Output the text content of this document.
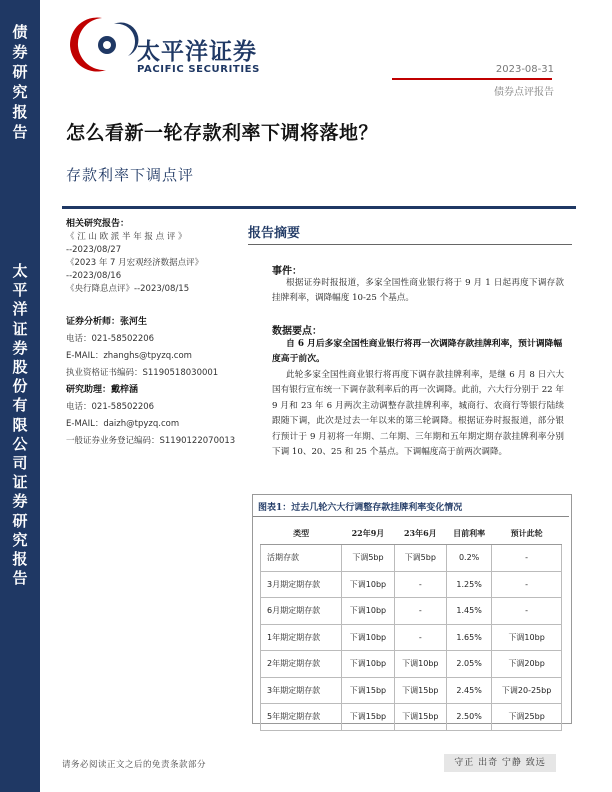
债
券
研
究
报
告
太
平
洋
证
券
股
份
有
限
公
司
证
券
研
究
报
告
太平洋证券
PACIFIC SECURITIES	2023-08-31
债券点评报告
怎么看新一轮存款利率下调将落地？
存款利率下调点评
相关研究报告：
《 江 山 欧 派 半 年 报 点 评 》
--2023/08/27
《2023 年 7 月宏观经济数据点评》
--2023/08/16
《央行降息点评》--2023/08/15
证券分析师：张河生
电话：021-58502206
E-MAIL：zhanghs@tpyzq.com
执业资格证书编码：S1190518030001
研究助理：戴梓涵
电话：021-58502206
E-MAIL：daizh@tpyzq.com
一般证券业务登记编码：S1190122070013
报告摘要
事件：
根据证券时报报道，多家全国性商业银行将于 9 月 1 日起再度下调存款挂牌利率，调降幅度 10-25 个基点。
数据要点：
自 6 月后多家全国性商业银行将再一次调降存款挂牌利率，预计调降幅度高于前次。
此轮多家全国性商业银行将再度下调存款挂牌利率，是继 6 月 8 日六大国有银行宣布统一下调存款利率后的再一次调降。此前，六大行分别于 22 年 9 月和 23 年 6 月两次主动调整存款挂牌利率，城商行、农商行等银行陆续跟随下调，此次是过去一年以来的第三轮调降。根据证券时报报道，部分银行预计于 9 月初将一年期、二年期、三年期和五年期定期存款挂牌利率分别下调 10、20、25 和 25 个基点。下调幅度高于前两次调降。
图表1：过去几轮六大行调整存款挂牌利率变化情况
类型	22年9月	23年6月	目前利率	预计此轮
活期存款	下调5bp	下调5bp	0.2%	-
3月期定期存款	下调10bp	-	1.25%	-
6月期定期存款	下调10bp	-	1.45%	-
1年期定期存款	下调10bp	-	1.65%	下调10bp
2年期定期存款	下调10bp	下调10bp	2.05%	下调20bp
3年期定期存款	下调15bp	下调15bp	2.45%	下调20-25bp
5年期定期存款	下调15bp	下调15bp	2.50%	下调25bp
请务必阅读正文之后的免责条款部分	守正 出奇 宁静 致远
